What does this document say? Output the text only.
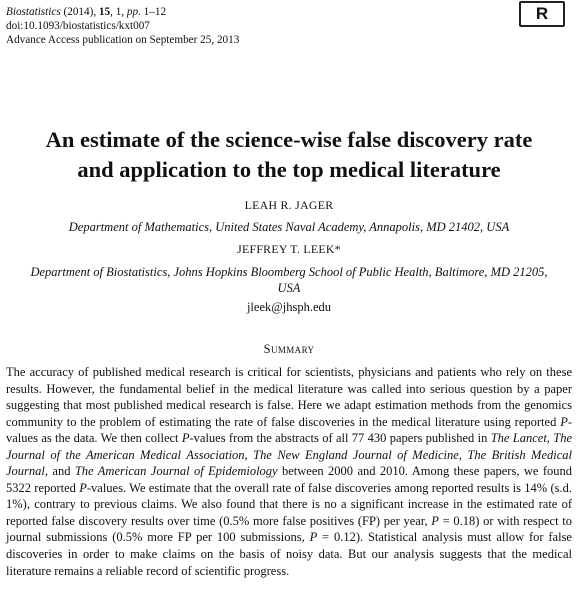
Biostatistics (2014), 15, 1, pp. 1–12
doi:10.1093/biostatistics/kxt007
Advance Access publication on September 25, 2013
R
An estimate of the science-wise false discovery rate
and application to the top medical literature
LEAH R. JAGER
Department of Mathematics, United States Naval Academy, Annapolis, MD 21402, USA
JEFFREY T. LEEK*
Department of Biostatistics, Johns Hopkins Bloomberg School of Public Health, Baltimore, MD 21205,
USA
jleek@jhsph.edu
Summary
The accuracy of published medical research is critical for scientists, physicians and patients who rely on these results. However, the fundamental belief in the medical literature was called into serious question by a paper suggesting that most published medical research is false. Here we adapt estimation methods from the genomics community to the problem of estimating the rate of false discoveries in the medical literature using reported P-values as the data. We then collect P-values from the abstracts of all 77 430 papers published in The Lancet, The Journal of the American Medical Association, The New England Journal of Medicine, The British Medical Journal, and The American Journal of Epidemiology between 2000 and 2010. Among these papers, we found 5322 reported P-values. We estimate that the overall rate of false discoveries among reported results is 14% (s.d. 1%), contrary to previous claims. We also found that there is no a significant increase in the estimated rate of reported false discovery results over time (0.5% more false positives (FP) per year, P = 0.18) or with respect to journal submissions (0.5% more FP per 100 submissions, P = 0.12). Statistical analysis must allow for false discoveries in order to make claims on the basis of noisy data. But our analysis suggests that the medical literature remains a reliable record of scientific progress.
